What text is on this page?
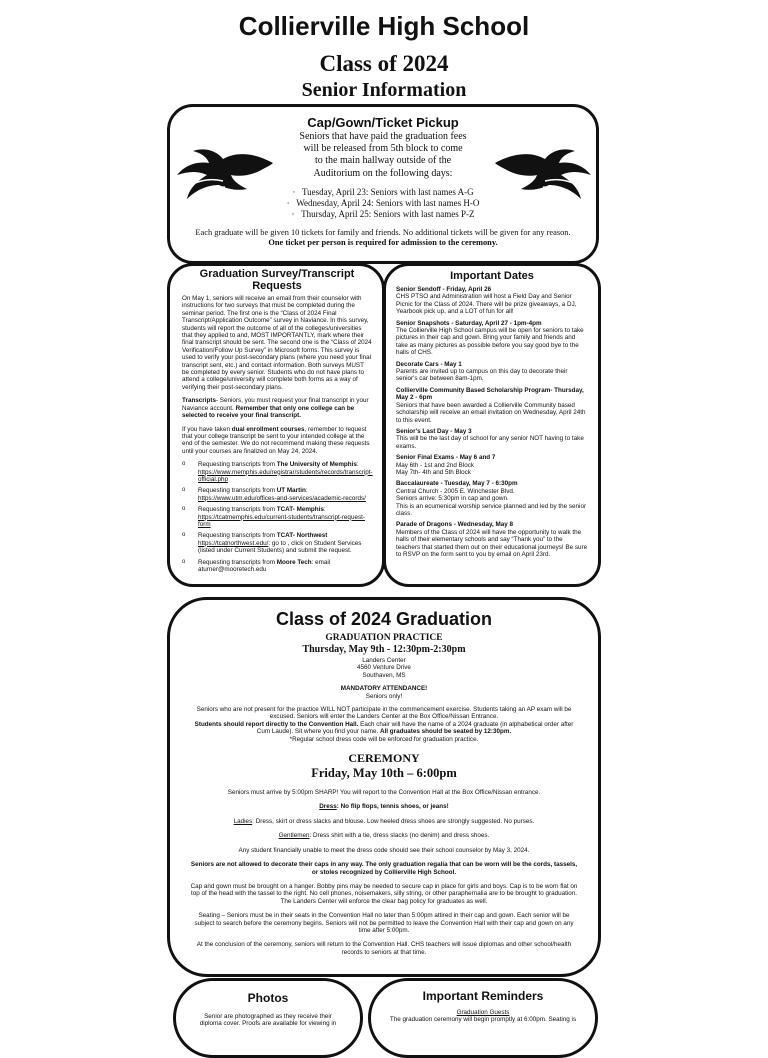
Collierville High School
Class of 2024
Senior Information
Cap/Gown/Ticket Pickup
Seniors that have paid the graduation fees
will be released from 5th block to come
to the main hallway outside of the
Auditorium on the following days:
·   Tuesday, April 23: Seniors with last names A-G
·   Wednesday, April 24: Seniors with last names H-O
·   Thursday, April 25: Seniors with last names P-Z
Each graduate will be given 10 tickets for family and friends. No additional tickets will be given for any reason. One ticket per person is required for admission to the ceremony.
Graduation Survey/Transcript Requests

On May 1, seniors will receive an email from their counselor with instructions for two surveys that must be completed during the seminar period. The first one is the “Class of 2024 Final Transcript/Application Outcome” survey in Naviance. In this survey, students will report the outcome of all of the colleges/universities that they applied to and, MOST IMPORTANTLY, mark where their final transcript should be sent. The second one is the “Class of 2024 Verification/Follow Up Survey” in Microsoft forms. This survey is used to verify your post-secondary plans (where you need your final transcript sent, etc.) and contact information. Both surveys MUST be completed by every senior. Students who do not have plans to attend a college/university will complete both forms as a way of verifying their post-secondary plans.

Transcripts- Seniors, you must request your final transcript in your Naviance account. Remember that only one college can be selected to receive your final transcript.

If you have taken dual enrollment courses, remember to request that your college transcript be sent to your intended college at the end of the semester. We do not recommend making these requests until your courses are finalized on May 24, 2024.

o Requesting transcripts from The University of Memphis: https://www.memphis.edu/registrar/students/records/transcript-official.php
o Requesting transcripts from UT Martin: https://www.utm.edu/offices-and-services/academic-records/
o Requesting transcripts from TCAT- Memphis: https://tcatmemphis.edu/current-students/transcript-request-form
o Requesting transcripts from TCAT- Northwest https://tcatnorthwest.edu/: go to , click on Student Services (listed under Current Students) and submit the request.
o Requesting transcripts from Moore Tech: email aturner@mooretech.edu
Important Dates
Senior Sendoff - Friday, April 26
CHS PTSO and Administration will host a Field Day and Senior Picnic for the Class of 2024. There will be prize giveaways, a DJ, Yearbook pick up, and a LOT of fun for all!
Senior Snapshots - Saturday, April 27 - 1pm-4pm
The Collierville High School campus will be open for seniors to take pictures in their cap and gown. Bring your family and friends and take as many pictures as possible before you say good bye to the halls of CHS.
Decorate Cars - May 1
Parents are invited up to campus on this day to decorate their senior's car between 8am-1pm.
Collierville Community Based Scholarship Program- Thursday, May 2 - 6pm
Seniors that have been awarded a Collierville Community based scholarship will receive an email invitation on Wednesday, April 24th to this event.
Senior's Last Day - May 3
This will be the last day of school for any senior NOT having to take exams.
Senior Final Exams - May 6 and 7
May 6th - 1st and 2nd Block
May 7th- 4th and 5th Block
Baccalaureate - Tuesday, May 7 - 6:30pm
Central Church - 2005 E. Winchester Blvd.
Seniors arrive: 5:30pm in cap and gown.
This is an ecumenical worship service planned and led by the senior class.
Parade of Dragons - Wednesday, May 8
Members of the Class of 2024 will have the opportunity to walk the halls of their elementary schools and say “Thank you” to the teachers that started them out on their educational journeys! Be sure to RSVP on the form sent to you by email on April 23rd.
Class of 2024 Graduation
GRADUATION PRACTICE
Thursday, May 9th - 12:30pm-2:30pm
Landers Center
4560 Venture Drive
Southaven, MS
MANDATORY ATTENDANCE!
Seniors only!

Seniors who are not present for the practice WILL NOT participate in the commencement exercise. Students taking an AP exam will be excused. Seniors will enter the Landers Center at the Box Office/Nissan Entrance.

Students should report directly to the Convention Hall. Each chair will have the name of a 2024 graduate (in alphabetical order after Cum Laude). Sit where you find your name. All graduates should be seated by 12:30pm.

*Regular school dress code will be enforced for graduation practice.

CEREMONY
Friday, May 10th – 6:00pm

Seniors must arrive by 5:00pm SHARP! You will report to the Convention Hall at the Box Office/Nissan entrance.

Dress: No flip flops, tennis shoes, or jeans!

Ladies: Dress, skirt or dress slacks and blouse. Low heeled dress shoes are strongly suggested. No purses.

Gentlemen: Dress shirt with a tie, dress slacks (no denim) and dress shoes.

Any student financially unable to meet the dress code should see their school counselor by May 3, 2024.

Seniors are not allowed to decorate their caps in any way. The only graduation regalia that can be worn will be the cords, tassels, or stoles recognized by Collierville High School.

Cap and gown must be brought on a hanger. Bobby pins may be needed to secure cap in place for girls and boys. Cap is to be worn flat on top of the head with the tassel to the right. No cell phones, noisemakers, silly string, or other paraphernalia are to be brought to graduation. The Landers Center will enforce the clear bag policy for graduates as well.

Seating – Seniors must be in their seats in the Convention Hall no later than 5:00pm attired in their cap and gown. Each senior will be subject to search before the ceremony begins. Seniors will not be permitted to leave the Convention Hall with their cap and gown on any time after 5:00pm.

At the conclusion of the ceremony, seniors will return to the Convention Hall. CHS teachers will issue diplomas and other school/health records to seniors at that time.

Photos

Senior are photographed as they receive their diploma cover. Proofs are available for viewing in

Important Reminders
Graduation Guests

The graduation ceremony will begin promptly at 6:00pm. Seating is
